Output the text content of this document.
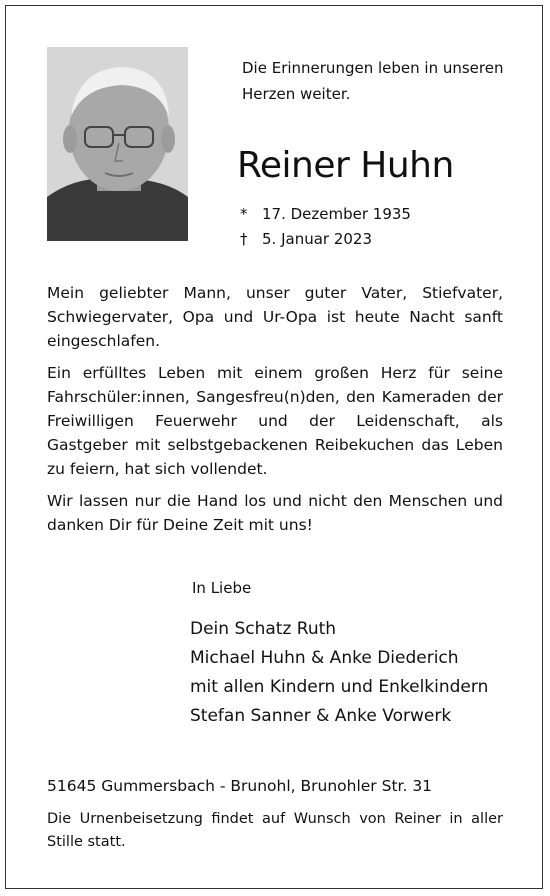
Die Erinnerungen leben in unseren
Herzen weiter.
Reiner Huhn
* 17. Dezember 1935
† 5. Januar 2023

Mein geliebter Mann, unser guter Vater, Stiefvater, Schwiegervater, Opa und Ur-Opa ist heute Nacht sanft eingeschlafen.

Ein erfülltes Leben mit einem großen Herz für seine Fahrschüler:innen, Sangesfreu(n)den, den Kameraden der Freiwilligen Feuerwehr und der Leidenschaft, als Gastgeber mit selbstgebackenen Reibekuchen das Leben zu feiern, hat sich vollendet.

Wir lassen nur die Hand los und nicht den Menschen und danken Dir für Deine Zeit mit uns!

In Liebe
Dein Schatz Ruth
Michael Huhn & Anke Diederich
mit allen Kindern und Enkelkindern
Stefan Sanner & Anke Vorwerk
51645 Gummersbach - Brunohl, Brunohler Str. 31
Die Urnenbeisetzung findet auf Wunsch von Reiner in aller Stille statt.
